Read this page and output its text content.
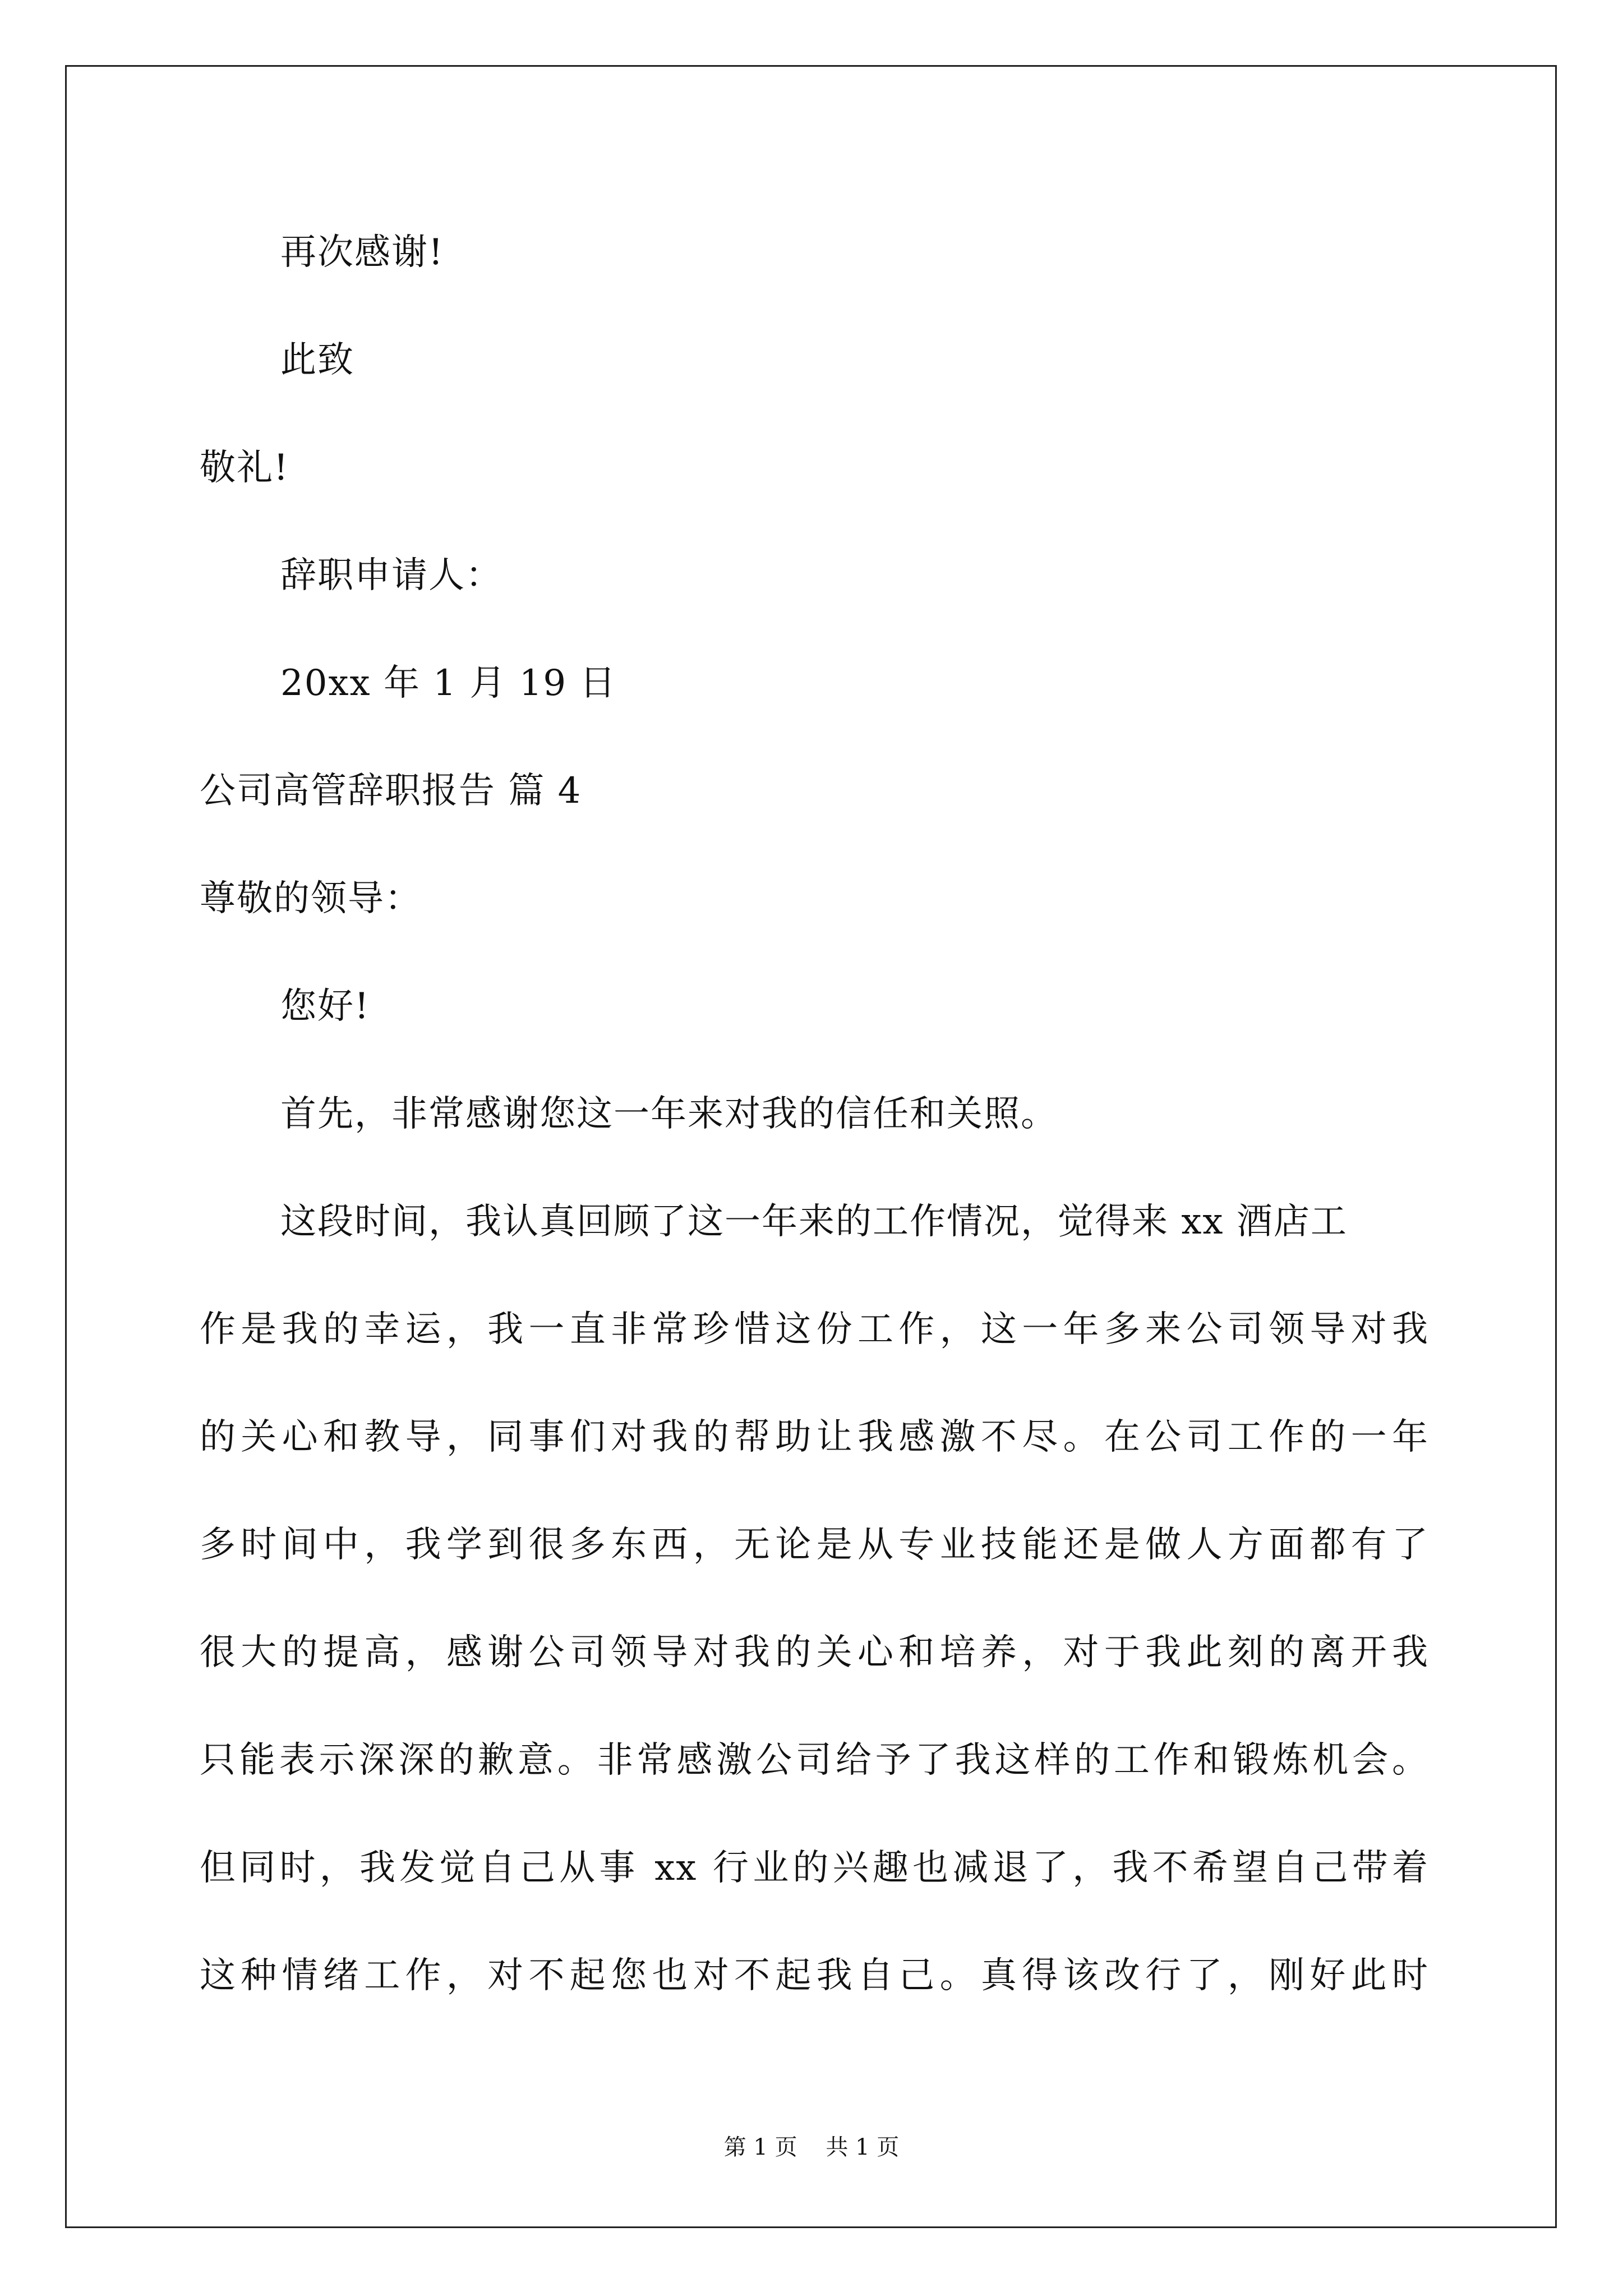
再次感谢!

此致

敬礼!

辞职申请人：

20xx 年 1 月 19 日

公司高管辞职报告 篇 4

尊敬的领导：

您好!

首先，非常感谢您这一年来对我的信任和关照。

这段时间，我认真回顾了这一年来的工作情况，觉得来 xx 酒店工

作是我的幸运，我一直非常珍惜这份工作，这一年多来公司领导对我

的关心和教导，同事们对我的帮助让我感激不尽。在公司工作的一年

多时间中，我学到很多东西，无论是从专业技能还是做人方面都有了

很大的提高，感谢公司领导对我的关心和培养，对于我此刻的离开我

只能表示深深的歉意。非常感激公司给予了我这样的工作和锻炼机会。

但同时，我发觉自己从事 xx 行业的兴趣也减退了，我不希望自己带着

这种情绪工作，对不起您也对不起我自己。真得该改行了，刚好此时

第 1 页    共 1 页
